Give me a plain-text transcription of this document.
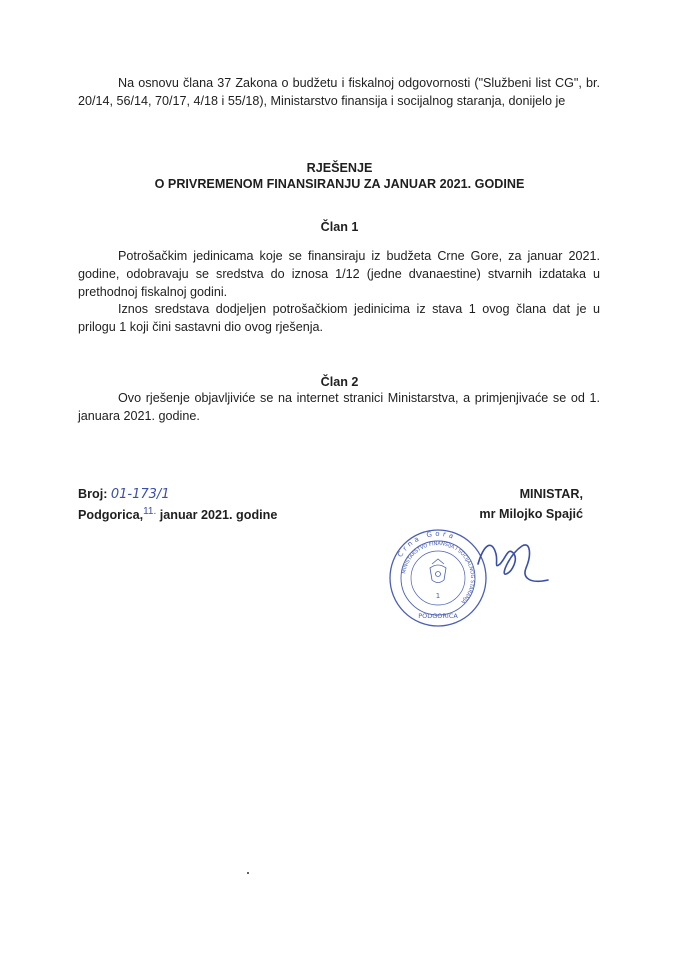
Na osnovu člana 37 Zakona o budžetu i fiskalnoj odgovornosti ("Službeni list CG", br. 20/14, 56/14, 70/17, 4/18 i 55/18), Ministarstvo finansija i socijalnog staranja, donijelo je

RJEŠENJE

O PRIVREMENOM FINANSIRANJU ZA JANUAR 2021. GODINE

Član 1

Potrošačkim jedinicama koje se finansiraju iz budžeta Crne Gore, za januar 2021. godine, odobravaju se sredstva do iznosa 1/12 (jedne dvanaestine) stvarnih izdataka u prethodnoj fiskalnoj godini.

Iznos sredstava dodjeljen potrošačkiom jedinicima iz stava 1 ovog člana dat je u prilogu 1 koji čini sastavni dio ovog rješenja.

Član 2

Ovo rješenje objavljiviće se na internet stranici Ministarstva, a primjenjivaće se od 1. januara 2021. godine.

Broj: 01-173/1
Podgorica,$^{11.}$ januar 2021. godine
MINISTAR,
mr Milojko Spajić
Crna Gora
MINISTARSTVO FINANSIJA I SOCIJALNOG STARANJA
1
PODGORICA
